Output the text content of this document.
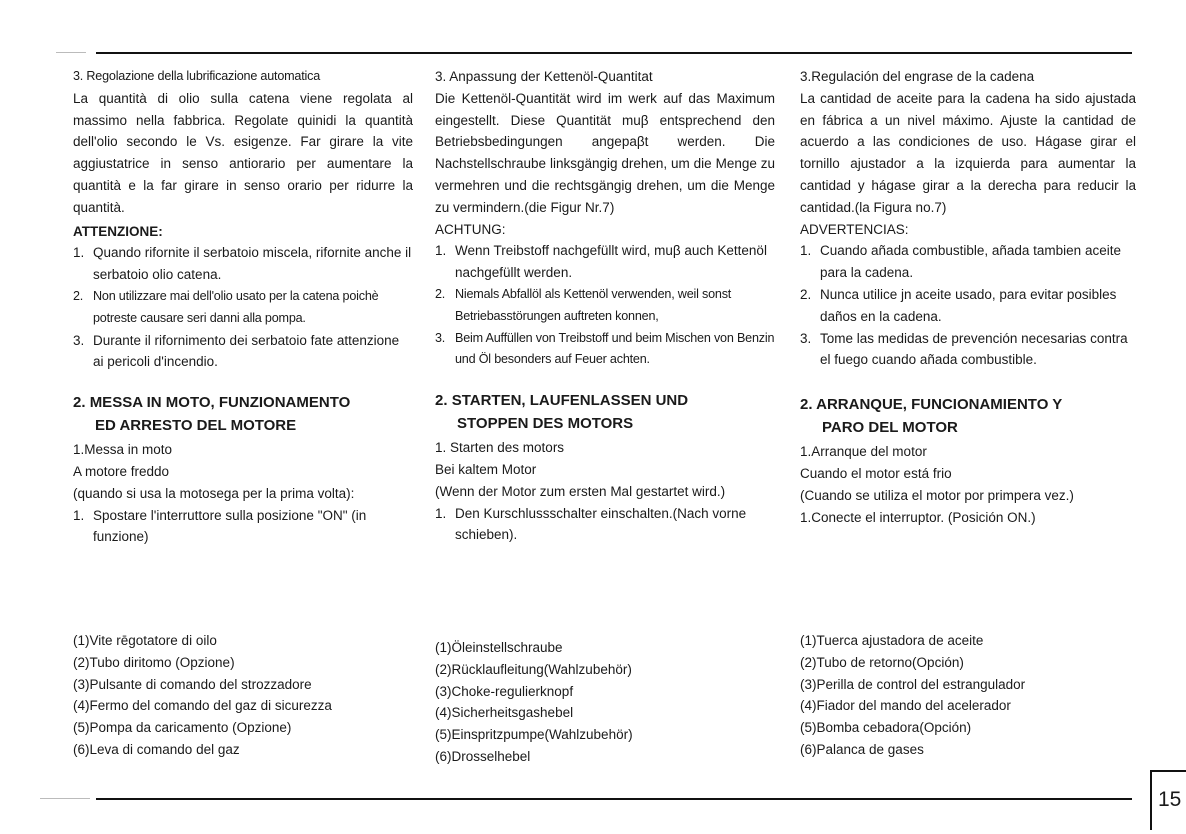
3. Regolazione della lubrificazione automatica

La quantità di olio sulla catena viene regolata al massimo nella fabbrica. Regolate quinidi la quantità dell'olio secondo le Vs. esigenze. Far girare la vite aggiustatrice in senso antiorario per aumentare la quantità e la far girare in senso orario per ridurre la quantità.

ATTENZIONE:

1. Quando rifornite il serbatoio miscela, rifornite anche il serbatoio olio catena.
2. Non utilizzare mai dell'olio usato per la catena poichè potreste causare seri danni alla pompa.
3. Durante il rifornimento dei serbatoio fate attenzione ai pericoli d'incendio.
2. MESSA IN MOTO, FUNZIONAMENTO
ED ARRESTO DEL MOTORE

1.Messa in moto

A motore freddo

(quando si usa la motosega per la prima volta):

1. Spostare l'interruttore sulla posizione "ON" (in funzione)

3. Anpassung der Kettenöl-Quantitat

Die Kettenöl-Quantität wird im werk auf das Maximum eingestellt. Diese Quantität muβ entsprechend den Betriebsbedingungen angepaβt werden. Die Nachstellschraube linksgängig drehen, um die Menge zu vermehren und die rechtsgängig drehen, um die Menge zu vermindern.(die Figur Nr.7)

ACHTUNG:

1. Wenn Treibstoff nachgefüllt wird, muβ auch Kettenöl nachgefüllt werden.
2. Niemals Abfallöl als Kettenöl verwenden, weil sonst Betriebasstörungen auftreten konnen,
3. Beim Auffüllen von Treibstoff und beim Mischen von Benzin und Öl besonders auf Feuer achten.
2. STARTEN, LAUFENLASSEN UND
STOPPEN DES MOTORS

1. Starten des motors

Bei kaltem Motor

(Wenn der Motor zum ersten Mal gestartet wird.)

1. Den Kurschlussschalter einschalten.(Nach vorne schieben).

3.Regulación del engrase de la cadena

La cantidad de aceite para la cadena ha sido ajustada en fábrica a un nivel máximo. Ajuste la cantidad de acuerdo a las condiciones de uso. Hágase girar el tornillo ajustador a la izquierda para aumentar la cantidad y hágase girar a la derecha para reducir la cantidad.(la Figura no.7)

ADVERTENCIAS:

1. Cuando añada combustible, añada tambien aceite para la cadena.
2. Nunca utilice jn aceite usado, para evitar posibles daños en la cadena.
3. Tome las medidas de prevención necesarias contra el fuego cuando añada combustible.
2. ARRANQUE, FUNCIONAMIENTO Y
PARO DEL MOTOR

1.Arranque del motor

Cuando el motor está frio

(Cuando se utiliza el motor por primpera vez.)

1.Conecte el interruptor. (Posición ON.)

(1)Vite rēgotatore di oilo
(2)Tubo diritomo (Opzione)
(3)Pulsante di comando del strozzadore
(4)Fermo del comando del gaz di sicurezza
(5)Pompa da caricamento (Opzione)
(6)Leva di comando del gaz
(1)Öleinstellschraube
(2)Rücklaufleitung(Wahlzubehör)
(3)Choke-regulierknopf
(4)Sicherheitsgashebel
(5)Einspritzpumpe(Wahlzubehör)
(6)Drosselhebel
(1)Tuerca ajustadora de aceite
(2)Tubo de retorno(Opción)
(3)Perilla de control del estrangulador
(4)Fiador del mando del acelerador
(5)Bomba cebadora(Opción)
(6)Palanca de gases
15
